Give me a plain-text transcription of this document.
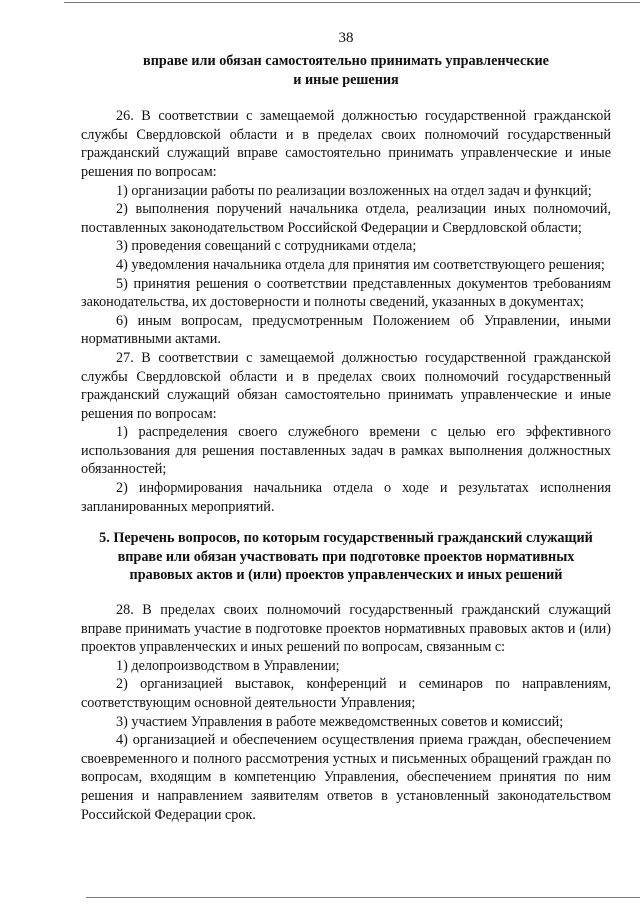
38
вправе или обязан самостоятельно принимать управленческие
и иные решения

26. В соответствии с замещаемой должностью государственной гражданской службы Свердловской области и в пределах своих полномочий государственный гражданский служащий вправе самостоятельно принимать управленческие и иные решения по вопросам:

1) организации работы по реализации возложенных на отдел задач и функций;

2) выполнения поручений начальника отдела, реализации иных полномочий, поставленных законодательством Российской Федерации и Свердловской области;

3) проведения совещаний с сотрудниками отдела;

4) уведомления начальника отдела для принятия им соответствующего решения;

5) принятия решения о соответствии представленных документов требованиям законодательства, их достоверности и полноты сведений, указанных в документах;

6) иным вопросам, предусмотренным Положением об Управлении, иными нормативными актами.

27. В соответствии с замещаемой должностью государственной гражданской службы Свердловской области и в пределах своих полномочий государственный гражданский служащий обязан самостоятельно принимать управленческие и иные решения по вопросам:

1) распределения своего служебного времени с целью его эффективного использования для решения поставленных задач в рамках выполнения должностных обязанностей;

2) информирования начальника отдела о ходе и результатах исполнения запланированных мероприятий.

5. Перечень вопросов, по которым государственный гражданский служащий
вправе или обязан участвовать при подготовке проектов нормативных
правовых актов и (или) проектов управленческих и иных решений

28. В пределах своих полномочий государственный гражданский служащий вправе принимать участие в подготовке проектов нормативных правовых актов и (или) проектов управленческих и иных решений по вопросам, связанным с:

1) делопроизводством в Управлении;

2) организацией выставок, конференций и семинаров по направлениям, соответствующим основной деятельности Управления;

3) участием Управления в работе межведомственных советов и комиссий;

4) организацией и обеспечением осуществления приема граждан, обеспечением своевременного и полного рассмотрения устных и письменных обращений граждан по вопросам, входящим в компетенцию Управления, обеспечением принятия по ним решения и направлением заявителям ответов в установленный законодательством Российской Федерации срок.
